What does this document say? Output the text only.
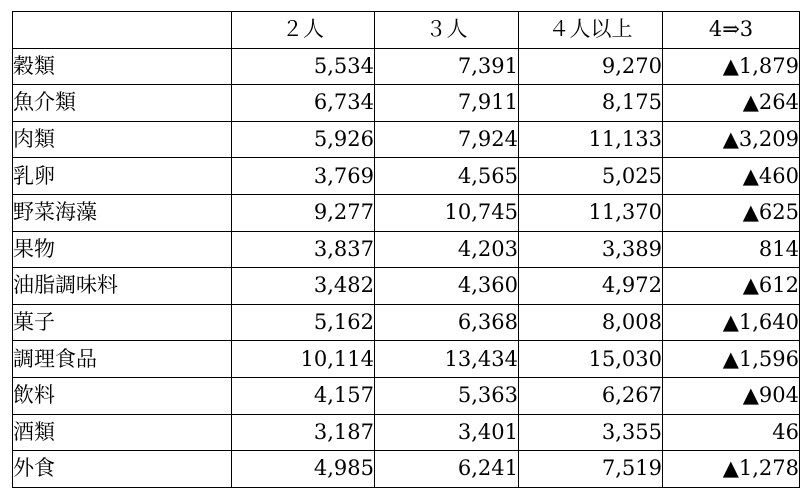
	２人	３人	４人以上	4⇒3
穀類	5,534	7,391	9,270	▲1,879
魚介類	6,734	7,911	8,175	▲264
肉類	5,926	7,924	11,133	▲3,209
乳卵	3,769	4,565	5,025	▲460
野菜海藻	9,277	10,745	11,370	▲625
果物	3,837	4,203	3,389	814
油脂調味料	3,482	4,360	4,972	▲612
菓子	5,162	6,368	8,008	▲1,640
調理食品	10,114	13,434	15,030	▲1,596
飲料	4,157	5,363	6,267	▲904
酒類	3,187	3,401	3,355	46
外食	4,985	6,241	7,519	▲1,278
